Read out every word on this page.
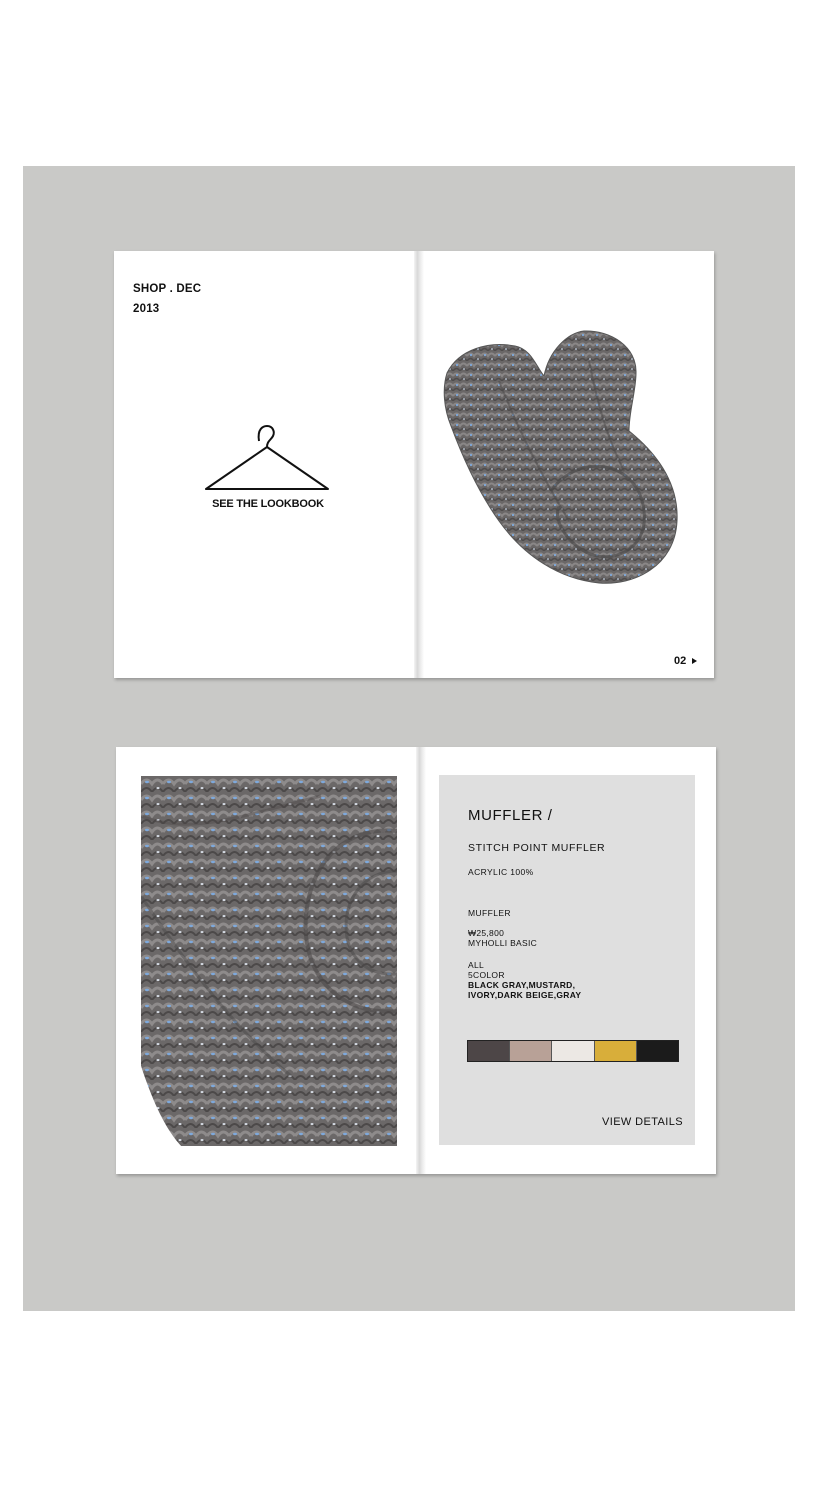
SHOP . DEC
2013
SEE THE LOOKBOOK
02
MUFFLER /
STITCH POINT MUFFLER
ACRYLIC 100%
MUFFLER
₩25,800
MYHOLLI BASIC
ALL
5COLOR
BLACK GRAY,MUSTARD,
IVORY,DARK BEIGE,GRAY
VIEW DETAILS
